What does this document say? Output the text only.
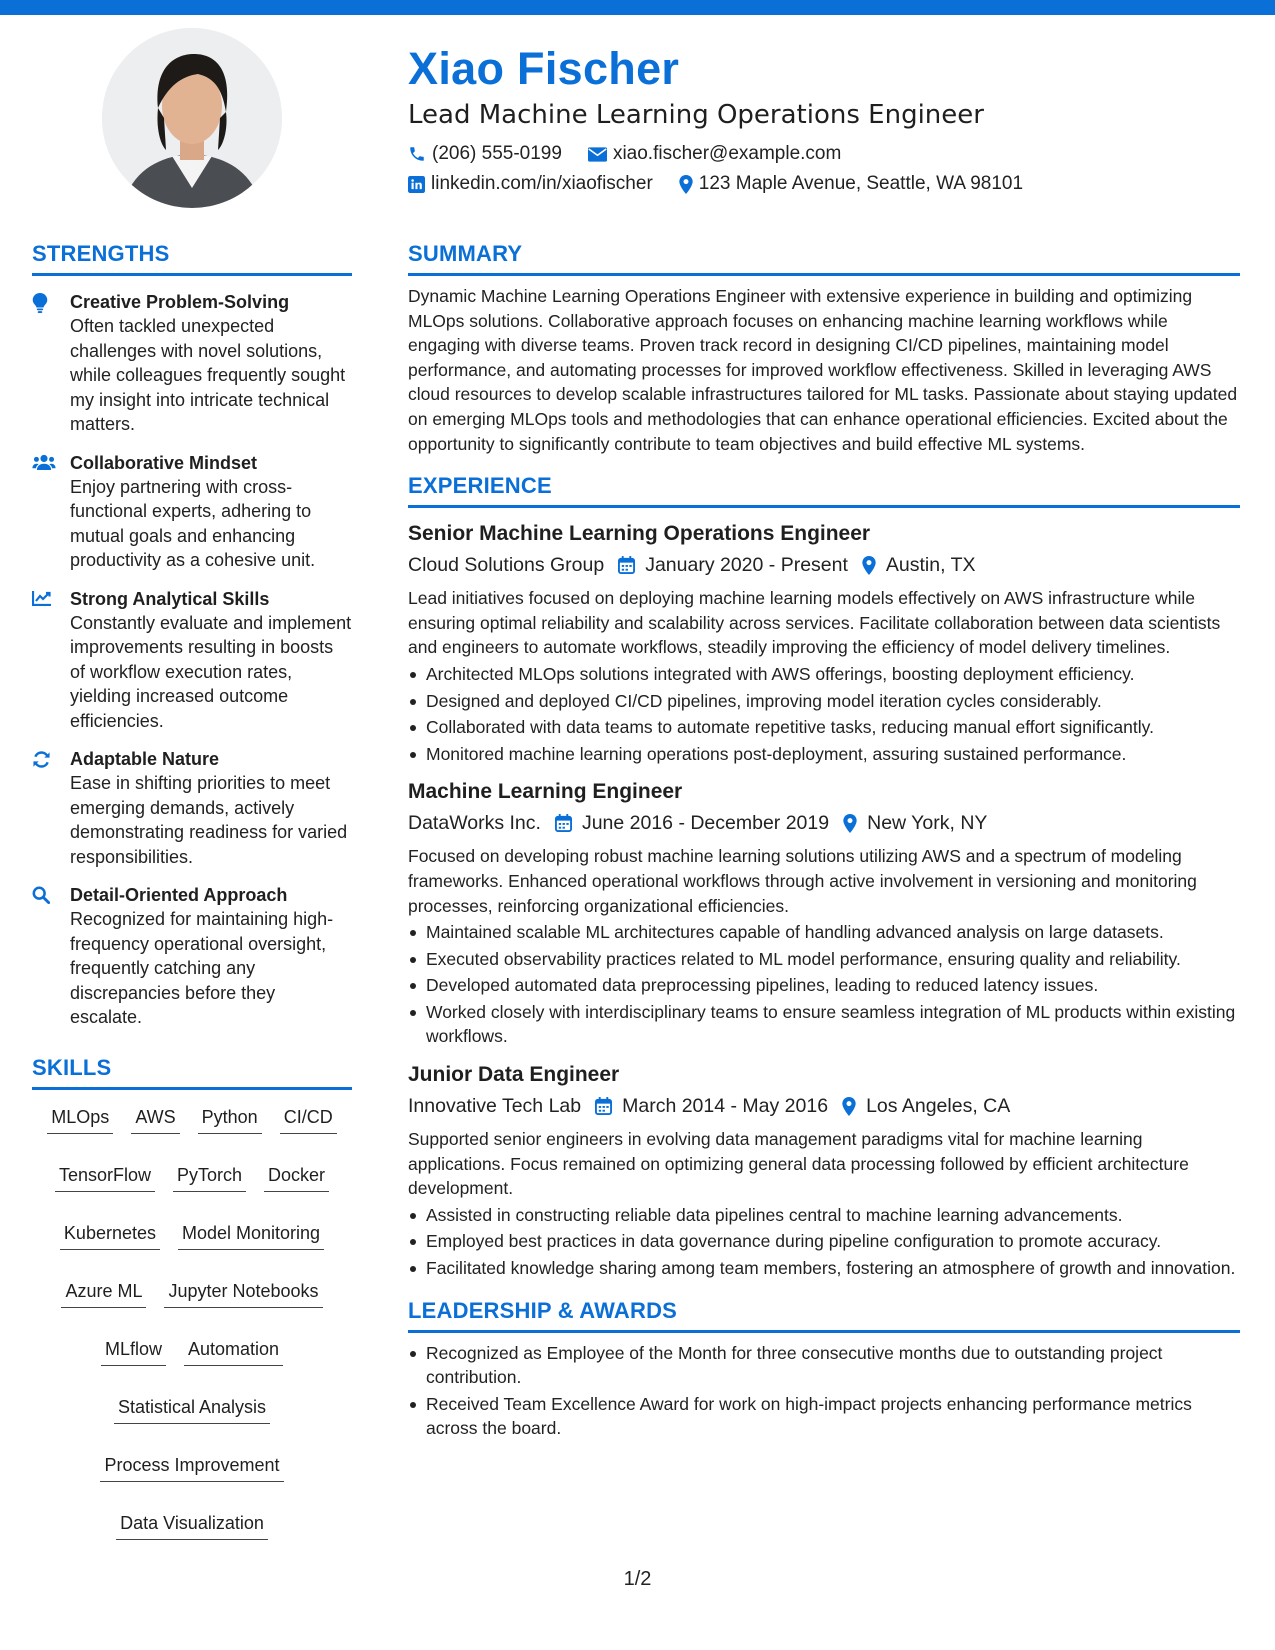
Xiao Fischer
Lead Machine Learning Operations Engineer
(206) 555-0199	xiao.fischer@example.com
linkedin.com/in/xiaofischer 123 Maple Avenue, Seattle, WA 98101
STRENGTHS
Creative Problem-Solving
Often tackled unexpected challenges with novel solutions, while colleagues frequently sought my insight into intricate technical matters.
Collaborative Mindset
Enjoy partnering with cross-functional experts, adhering to mutual goals and enhancing productivity as a cohesive unit.
Strong Analytical Skills
Constantly evaluate and implement improvements resulting in boosts of workflow execution rates, yielding increased outcome efficiencies.
Adaptable Nature
Ease in shifting priorities to meet emerging demands, actively demonstrating readiness for varied responsibilities.
Detail-Oriented Approach
Recognized for maintaining high-frequency operational oversight, frequently catching any discrepancies before they escalate.
SKILLS
MLOps AWS Python CI/CD
TensorFlow PyTorch Docker
Kubernetes Model Monitoring
Azure ML Jupyter Notebooks
MLflow Automation
Statistical Analysis
Process Improvement
Data Visualization
SUMMARY
Dynamic Machine Learning Operations Engineer with extensive experience in building and optimizing MLOps solutions. Collaborative approach focuses on enhancing machine learning workflows while engaging with diverse teams. Proven track record in designing CI/CD pipelines, maintaining model performance, and automating processes for improved workflow effectiveness. Skilled in leveraging AWS cloud resources to develop scalable infrastructures tailored for ML tasks. Passionate about staying updated on emerging MLOps tools and methodologies that can enhance operational efficiencies. Excited about the opportunity to significantly contribute to team objectives and build effective ML systems.
EXPERIENCE
Senior Machine Learning Operations Engineer
Cloud Solutions Group January 2020 - Present Austin, TX
Lead initiatives focused on deploying machine learning models effectively on AWS infrastructure while ensuring optimal reliability and scalability across services. Facilitate collaboration between data scientists and engineers to automate workflows, steadily improving the efficiency of model delivery timelines.
Architected MLOps solutions integrated with AWS offerings, boosting deployment efficiency.
Designed and deployed CI/CD pipelines, improving model iteration cycles considerably.
Collaborated with data teams to automate repetitive tasks, reducing manual effort significantly.
Monitored machine learning operations post-deployment, assuring sustained performance.
Machine Learning Engineer
DataWorks Inc. June 2016 - December 2019 New York, NY
Focused on developing robust machine learning solutions utilizing AWS and a spectrum of modeling frameworks. Enhanced operational workflows through active involvement in versioning and monitoring processes, reinforcing organizational efficiencies.
Maintained scalable ML architectures capable of handling advanced analysis on large datasets.
Executed observability practices related to ML model performance, ensuring quality and reliability.
Developed automated data preprocessing pipelines, leading to reduced latency issues.
Worked closely with interdisciplinary teams to ensure seamless integration of ML products within existing workflows.
Junior Data Engineer
Innovative Tech Lab March 2014 - May 2016 Los Angeles, CA
Supported senior engineers in evolving data management paradigms vital for machine learning applications. Focus remained on optimizing general data processing followed by efficient architecture development.
Assisted in constructing reliable data pipelines central to machine learning advancements.
Employed best practices in data governance during pipeline configuration to promote accuracy.
Facilitated knowledge sharing among team members, fostering an atmosphere of growth and innovation.
LEADERSHIP & AWARDS
Recognized as Employee of the Month for three consecutive months due to outstanding project contribution.
Received Team Excellence Award for work on high-impact projects enhancing performance metrics across the board.
1/2
